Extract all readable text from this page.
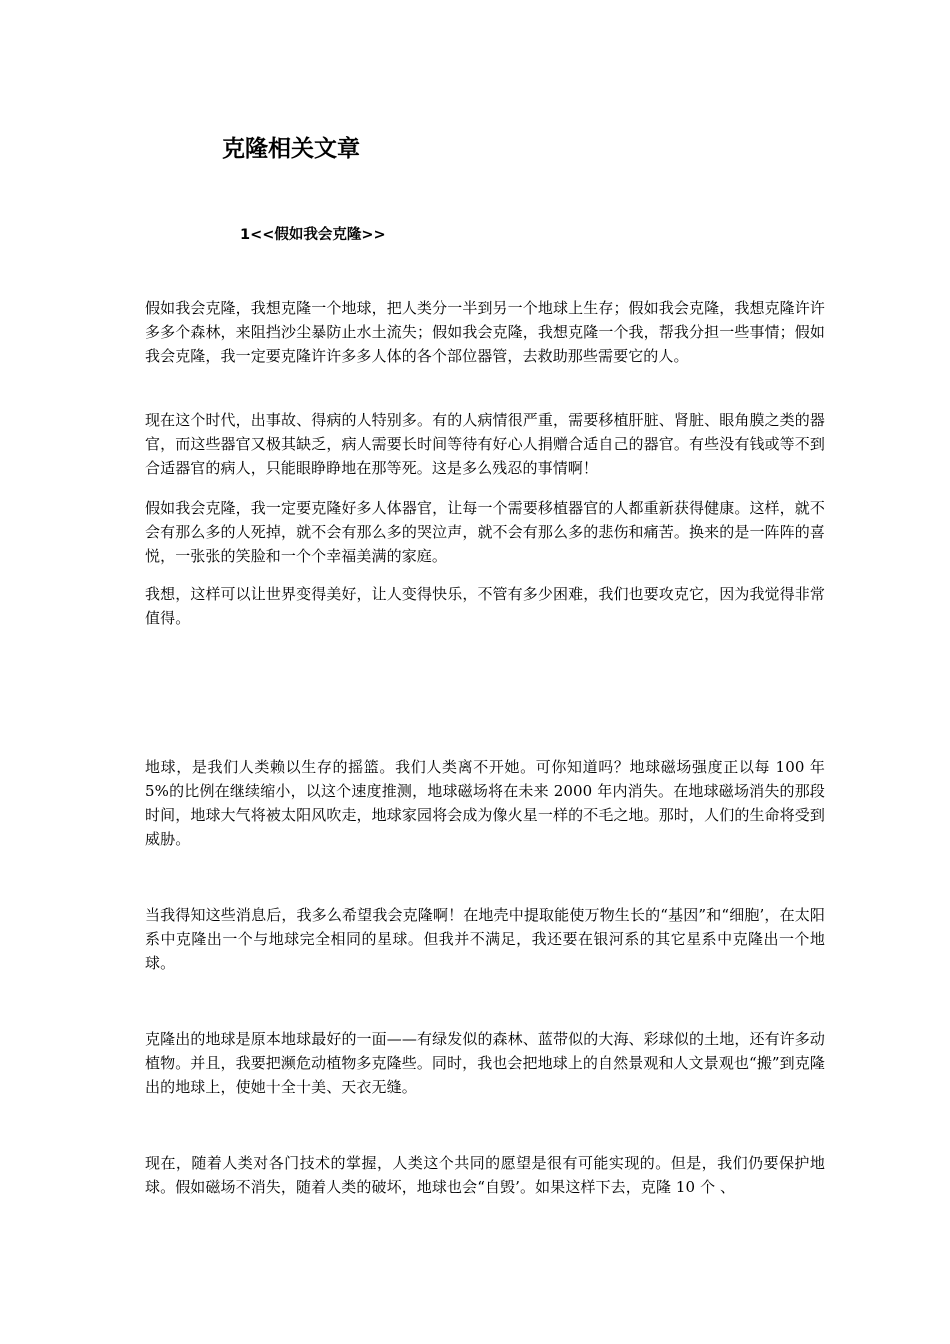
克隆相关文章
1<<假如我会克隆>>

假如我会克隆，我想克隆一个地球，把人类分一半到另一个地球上生存；假如我会克隆，我想克隆许许多多个森林，来阻挡沙尘暴防止水土流失；假如我会克隆，我想克隆一个我，帮我分担一些事情；假如我会克隆，我一定要克隆许许多多人体的各个部位器管，去救助那些需要它的人。

现在这个时代，出事故、得病的人特别多。有的人病情很严重，需要移植肝脏、肾脏、眼角膜之类的器官，而这些器官又极其缺乏，病人需要长时间等待有好心人捐赠合适自己的器官。有些没有钱或等不到合适器官的病人，只能眼睁睁地在那等死。这是多么残忍的事情啊！

假如我会克隆，我一定要克隆好多人体器官，让每一个需要移植器官的人都重新获得健康。这样，就不会有那么多的人死掉，就不会有那么多的哭泣声，就不会有那么多的悲伤和痛苦。换来的是一阵阵的喜悦，一张张的笑脸和一个个幸福美满的家庭。

我想，这样可以让世界变得美好，让人变得快乐，不管有多少困难，我们也要攻克它，因为我觉得非常值得。

地球，是我们人类赖以生存的摇篮。我们人类离不开她。可你知道吗？地球磁场强度正以每 100 年 5%的比例在继续缩小，以这个速度推测，地球磁场将在未来 2000 年内消失。在地球磁场消失的那段时间，地球大气将被太阳风吹走，地球家园将会成为像火星一样的不毛之地。那时，人们的生命将受到威胁。

当我得知这些消息后，我多么希望我会克隆啊！在地壳中提取能使万物生长的“基因”和“细胞’，在太阳系中克隆出一个与地球完全相同的星球。但我并不满足，我还要在银河系的其它星系中克隆出一个地球。

克隆出的地球是原本地球最好的一面——有绿发似的森林、蓝带似的大海、彩球似的土地，还有许多动植物。并且，我要把濒危动植物多克隆些。同时，我也会把地球上的自然景观和人文景观也“搬”到克隆出的地球上，使她十全十美、天衣无缝。

现在，随着人类对各门技术的掌握，人类这个共同的愿望是很有可能实现的。但是，我们仍要保护地球。假如磁场不消失，随着人类的破坏，地球也会“自毁’。如果这样下去，克隆 10 个 、
